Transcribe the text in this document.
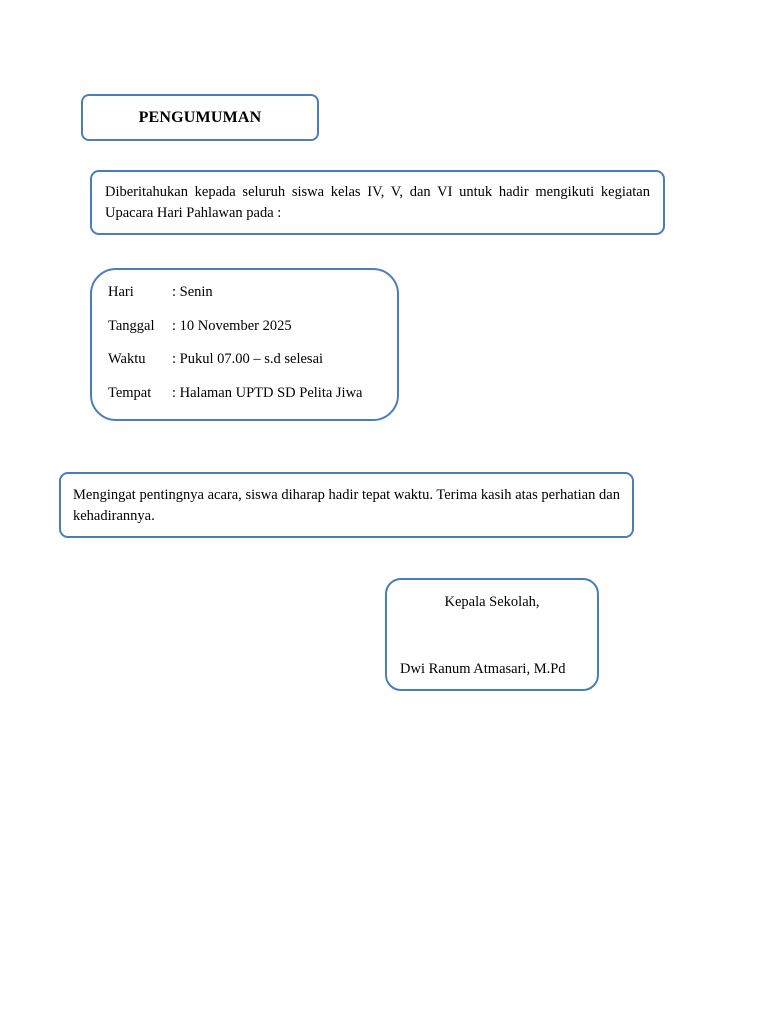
PENGUMUMAN

Diberitahukan kepada seluruh siswa kelas IV, V, dan VI untuk hadir mengikuti kegiatan Upacara Hari Pahlawan pada :

Hari	: Senin
Tanggal	: 10 November 2025
Waktu	: Pukul 07.00 – s.d selesai
Tempat	: Halaman UPTD SD Pelita Jiwa

Mengingat pentingnya acara, siswa diharap hadir tepat waktu. Terima kasih atas perhatian dan kehadirannya.

Kepala Sekolah,

Dwi Ranum Atmasari, M.Pd
